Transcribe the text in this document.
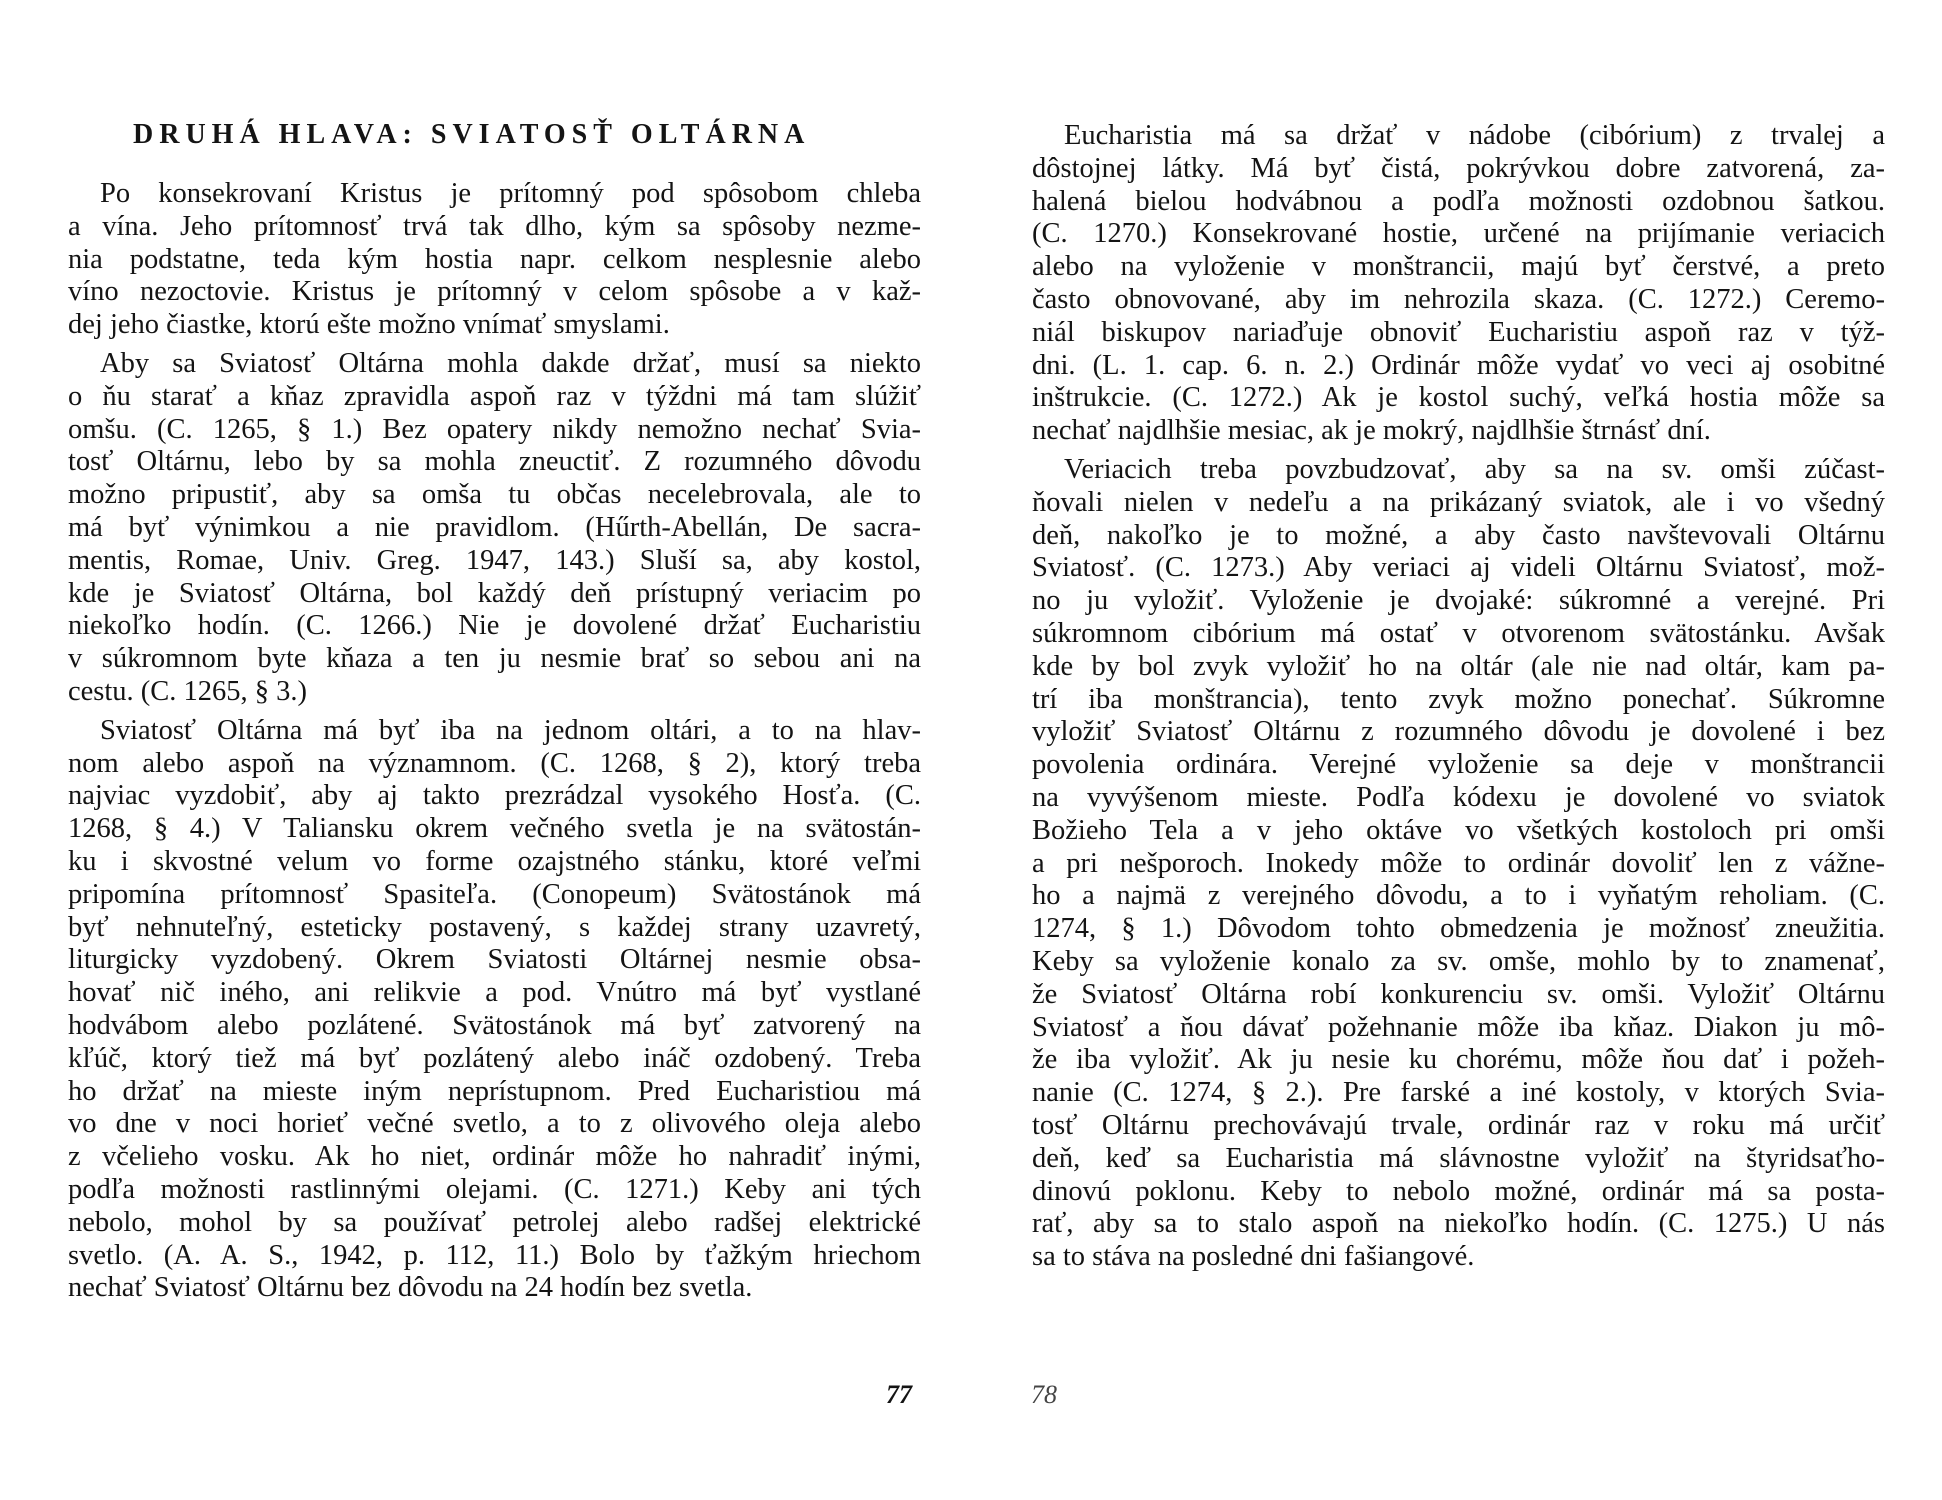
DRUHÁ HLAVA: SVIATOSŤ OLTÁRNA
Po konsekrovaní Kristus je prítomný pod spôsobom chleba
a vína. Jeho prítomnosť trvá tak dlho, kým sa spôsoby nezme-
nia podstatne, teda kým hostia napr. celkom nesplesnie alebo
víno nezoctovie. Kristus je prítomný v celom spôsobe a v kaž-
dej jeho čiastke, ktorú ešte možno vnímať smyslami.
Aby sa Sviatosť Oltárna mohla dakde držať, musí sa niekto
o ňu starať a kňaz zpravidla aspoň raz v týždni má tam slúžiť
omšu. (C. 1265, § 1.) Bez opatery nikdy nemožno nechať Svia-
tosť Oltárnu, lebo by sa mohla zneuctiť. Z rozumného dôvodu
možno pripustiť, aby sa omša tu občas necelebrovala, ale to
má byť výnimkou a nie pravidlom. (Hűrth-Abellán, De sacra-
mentis, Romae, Univ. Greg. 1947, 143.) Sluší sa, aby kostol,
kde je Sviatosť Oltárna, bol každý deň prístupný veriacim po
niekoľko hodín. (C. 1266.) Nie je dovolené držať Eucharistiu
v súkromnom byte kňaza a ten ju nesmie brať so sebou ani na
cestu. (C. 1265, § 3.)
Sviatosť Oltárna má byť iba na jednom oltári, a to na hlav-
nom alebo aspoň na významnom. (C. 1268, § 2), ktorý treba
najviac vyzdobiť, aby aj takto prezrádzal vysokého Hosťa. (C.
1268, § 4.) V Taliansku okrem večného svetla je na svätostán-
ku i skvostné velum vo forme ozajstného stánku, ktoré veľmi
pripomína prítomnosť Spasiteľa. (Conopeum) Svätostánok má
byť nehnuteľný, esteticky postavený, s každej strany uzavretý,
liturgicky vyzdobený. Okrem Sviatosti Oltárnej nesmie obsa-
hovať nič iného, ani relikvie a pod. Vnútro má byť vystlané
hodvábom alebo pozlátené. Svätostánok má byť zatvorený na
kľúč, ktorý tiež má byť pozlátený alebo ináč ozdobený. Treba
ho držať na mieste iným neprístupnom. Pred Eucharistiou má
vo dne v noci horieť večné svetlo, a to z olivového oleja alebo
z včelieho vosku. Ak ho niet, ordinár môže ho nahradiť inými,
podľa možnosti rastlinnými olejami. (C. 1271.) Keby ani tých
nebolo, mohol by sa používať petrolej alebo radšej elektrické
svetlo. (A. A. S., 1942, p. 112, 11.) Bolo by ťažkým hriechom
nechať Sviatosť Oltárnu bez dôvodu na 24 hodín bez svetla.
77
Eucharistia má sa držať v nádobe (cibórium) z trvalej a
dôstojnej látky. Má byť čistá, pokrývkou dobre zatvorená, za-
halená bielou hodvábnou a podľa možnosti ozdobnou šatkou.
(C. 1270.) Konsekrované hostie, určené na prijímanie veriacich
alebo na vyloženie v monštrancii, majú byť čerstvé, a preto
často obnovované, aby im nehrozila skaza. (C. 1272.) Ceremo-
niál biskupov nariaďuje obnoviť Eucharistiu aspoň raz v týž-
dni. (L. 1. cap. 6. n. 2.) Ordinár môže vydať vo veci aj osobitné
inštrukcie. (C. 1272.) Ak je kostol suchý, veľká hostia môže sa
nechať najdlhšie mesiac, ak je mokrý, najdlhšie štrnásť dní.
Veriacich treba povzbudzovať, aby sa na sv. omši zúčast-
ňovali nielen v nedeľu a na prikázaný sviatok, ale i vo všedný
deň, nakoľko je to možné, a aby často navštevovali Oltárnu
Sviatosť. (C. 1273.) Aby veriaci aj videli Oltárnu Sviatosť, mož-
no ju vyložiť. Vyloženie je dvojaké: súkromné a verejné. Pri
súkromnom cibórium má ostať v otvorenom svätostánku. Avšak
kde by bol zvyk vyložiť ho na oltár (ale nie nad oltár, kam pa-
trí iba monštrancia), tento zvyk možno ponechať. Súkromne
vyložiť Sviatosť Oltárnu z rozumného dôvodu je dovolené i bez
povolenia ordinára. Verejné vyloženie sa deje v monštrancii
na vyvýšenom mieste. Podľa kódexu je dovolené vo sviatok
Božieho Tela a v jeho oktáve vo všetkých kostoloch pri omši
a pri nešporoch. Inokedy môže to ordinár dovoliť len z vážne-
ho a najmä z verejného dôvodu, a to i vyňatým reholiam. (C.
1274, § 1.) Dôvodom tohto obmedzenia je možnosť zneužitia.
Keby sa vyloženie konalo za sv. omše, mohlo by to znamenať,
že Sviatosť Oltárna robí konkurenciu sv. omši. Vyložiť Oltárnu
Sviatosť a ňou dávať požehnanie môže iba kňaz. Diakon ju mô-
že iba vyložiť. Ak ju nesie ku chorému, môže ňou dať i požeh-
nanie (C. 1274, § 2.). Pre farské a iné kostoly, v ktorých Svia-
tosť Oltárnu prechovávajú trvale, ordinár raz v roku má určiť
deň, keď sa Eucharistia má slávnostne vyložiť na štyridsaťho-
dinovú poklonu. Keby to nebolo možné, ordinár má sa posta-
rať, aby sa to stalo aspoň na niekoľko hodín. (C. 1275.) U nás
sa to stáva na posledné dni fašiangové.
78
